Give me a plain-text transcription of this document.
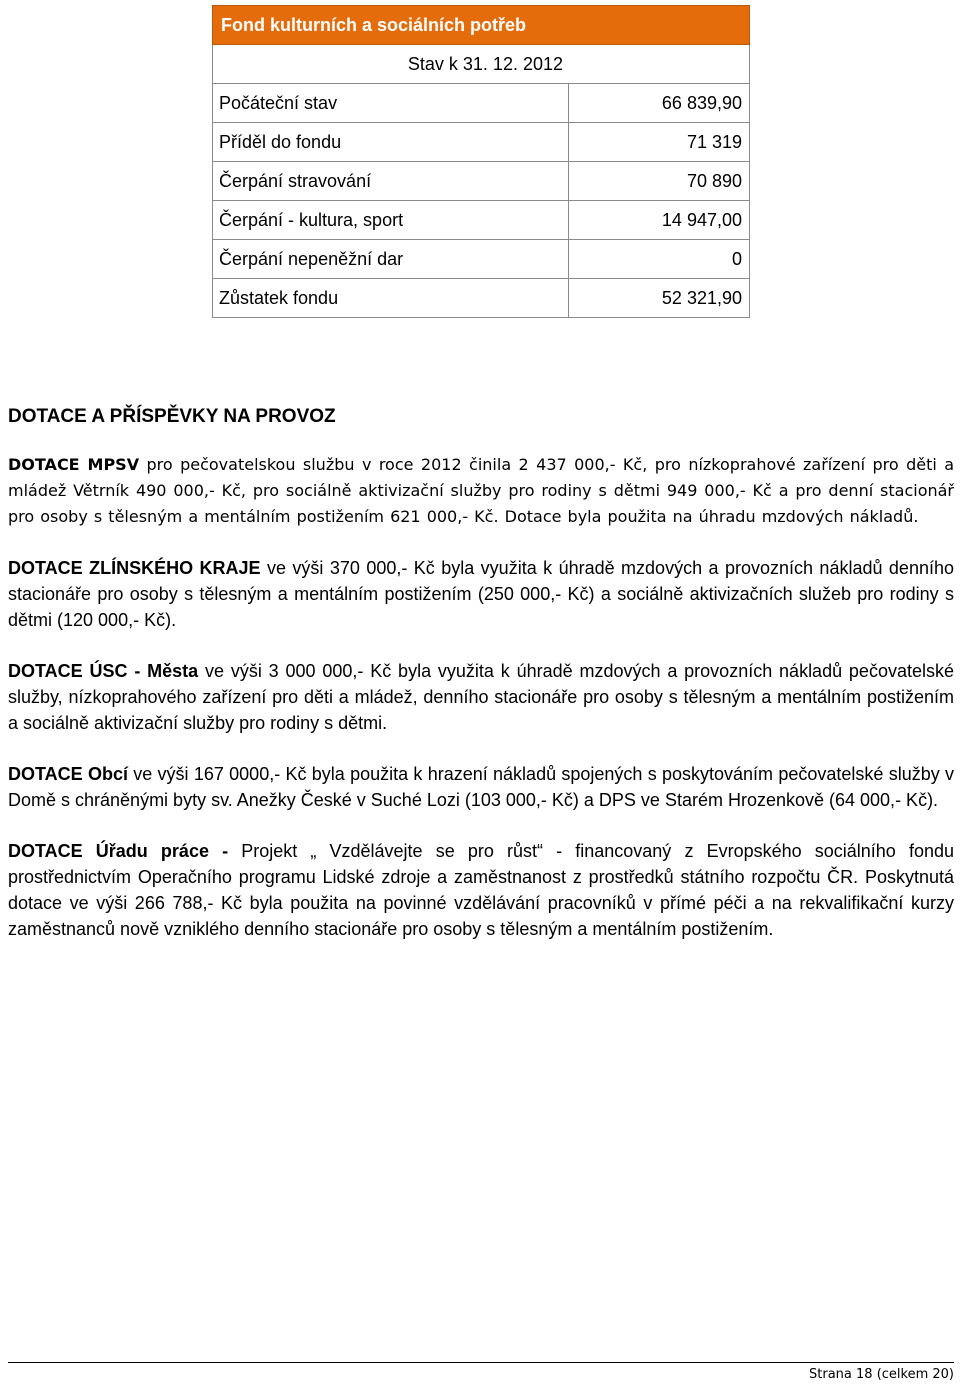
Fond kulturních a sociálních potřeb	
Stav k 31. 12. 2012	
Počáteční stav	66 839,90
Příděl do fondu	71 319
Čerpání stravování	70 890
Čerpání - kultura, sport	14 947,00
Čerpání nepeněžní dar	0
Zůstatek fondu	52 321,90
DOTACE A PŘÍSPĚVKY NA PROVOZ

DOTACE MPSV pro pečovatelskou službu v roce 2012 činila 2 437 000,- Kč, pro nízkoprahové zařízení pro děti a mládež Větrník 490 000,- Kč, pro sociálně aktivizační služby pro rodiny s dětmi 949 000,- Kč a pro denní stacionář pro osoby s tělesným a mentálním postižením 621 000,- Kč. Dotace byla použita na úhradu mzdových nákladů.

DOTACE ZLÍNSKÉHO KRAJE ve výši 370 000,- Kč byla využita k úhradě mzdových a provozních nákladů denního stacionáře pro osoby s tělesným a mentálním postižením (250 000,- Kč) a sociálně aktivizačních služeb pro rodiny s dětmi (120 000,- Kč).

DOTACE ÚSC - Města ve výši 3 000 000,- Kč byla využita k úhradě mzdových a provozních nákladů pečovatelské služby, nízkoprahového zařízení pro děti a mládež, denního stacionáře pro osoby s tělesným a mentálním postižením a sociálně aktivizační služby pro rodiny s dětmi.

DOTACE Obcí ve výši 167 0000,- Kč byla použita k hrazení nákladů spojených s poskytováním pečovatelské služby v Domě s chráněnými byty sv. Anežky České v Suché Lozi (103 000,- Kč) a DPS ve Starém Hrozenkově (64 000,- Kč).

DOTACE Úřadu práce - Projekt „ Vzdělávejte se pro růst“ - financovaný z Evropského sociálního fondu prostřednictvím Operačního programu Lidské zdroje a zaměstnanost z prostředků státního rozpočtu ČR. Poskytnutá dotace ve výši 266 788,- Kč byla použita na povinné vzdělávání pracovníků v přímé péči a na rekvalifikační kurzy zaměstnanců nově vzniklého denního stacionáře pro osoby s tělesným a mentálním postižením.

Strana 18 (celkem 20)
